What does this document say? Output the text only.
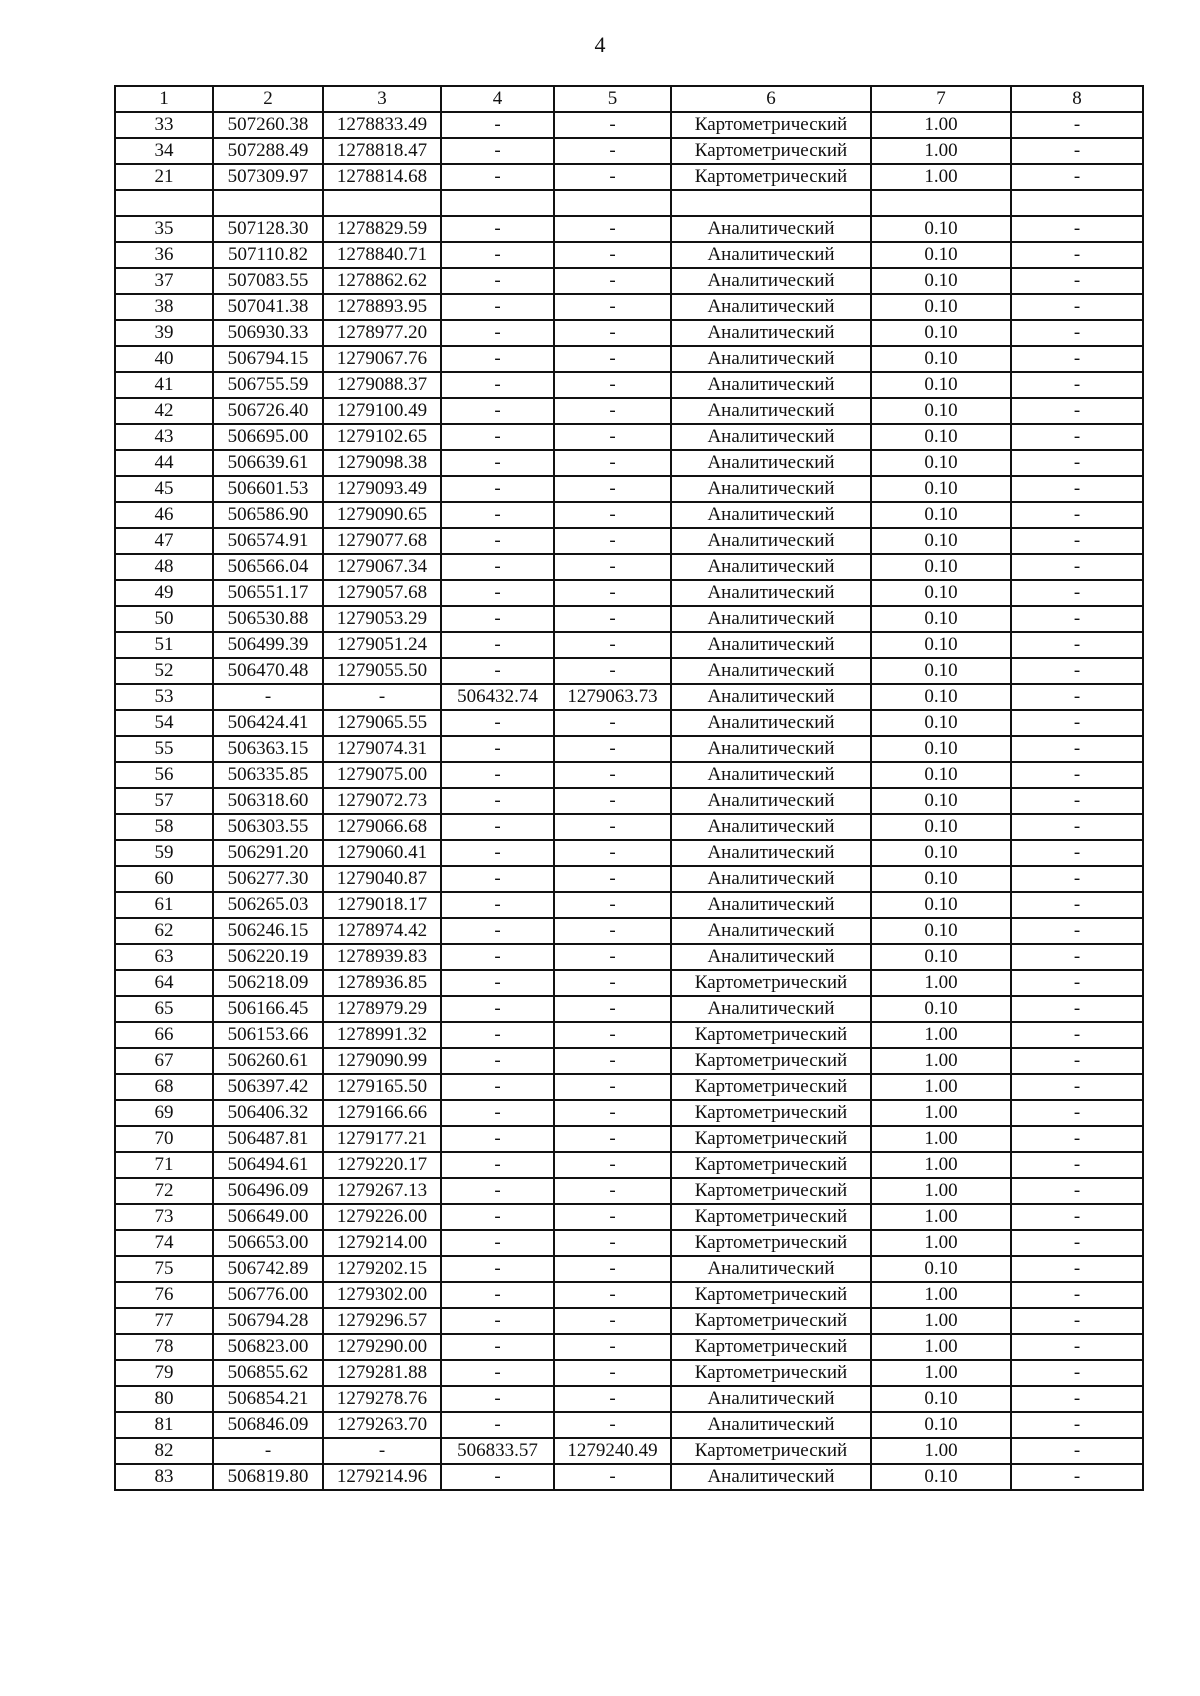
4
1	2	3	4	5	6	7	8
33	507260.38	1278833.49	-	-	Картометрический	1.00	-
34	507288.49	1278818.47	-	-	Картометрический	1.00	-
21	507309.97	1278814.68	-	-	Картометрический	1.00	-

35	507128.30	1278829.59	-	-	Аналитический	0.10	-
36	507110.82	1278840.71	-	-	Аналитический	0.10	-
37	507083.55	1278862.62	-	-	Аналитический	0.10	-
38	507041.38	1278893.95	-	-	Аналитический	0.10	-
39	506930.33	1278977.20	-	-	Аналитический	0.10	-
40	506794.15	1279067.76	-	-	Аналитический	0.10	-
41	506755.59	1279088.37	-	-	Аналитический	0.10	-
42	506726.40	1279100.49	-	-	Аналитический	0.10	-
43	506695.00	1279102.65	-	-	Аналитический	0.10	-
44	506639.61	1279098.38	-	-	Аналитический	0.10	-
45	506601.53	1279093.49	-	-	Аналитический	0.10	-
46	506586.90	1279090.65	-	-	Аналитический	0.10	-
47	506574.91	1279077.68	-	-	Аналитический	0.10	-
48	506566.04	1279067.34	-	-	Аналитический	0.10	-
49	506551.17	1279057.68	-	-	Аналитический	0.10	-
50	506530.88	1279053.29	-	-	Аналитический	0.10	-
51	506499.39	1279051.24	-	-	Аналитический	0.10	-
52	506470.48	1279055.50	-	-	Аналитический	0.10	-
53	-	-	506432.74	1279063.73	Аналитический	0.10	-
54	506424.41	1279065.55	-	-	Аналитический	0.10	-
55	506363.15	1279074.31	-	-	Аналитический	0.10	-
56	506335.85	1279075.00	-	-	Аналитический	0.10	-
57	506318.60	1279072.73	-	-	Аналитический	0.10	-
58	506303.55	1279066.68	-	-	Аналитический	0.10	-
59	506291.20	1279060.41	-	-	Аналитический	0.10	-
60	506277.30	1279040.87	-	-	Аналитический	0.10	-
61	506265.03	1279018.17	-	-	Аналитический	0.10	-
62	506246.15	1278974.42	-	-	Аналитический	0.10	-
63	506220.19	1278939.83	-	-	Аналитический	0.10	-
64	506218.09	1278936.85	-	-	Картометрический	1.00	-
65	506166.45	1278979.29	-	-	Аналитический	0.10	-
66	506153.66	1278991.32	-	-	Картометрический	1.00	-
67	506260.61	1279090.99	-	-	Картометрический	1.00	-
68	506397.42	1279165.50	-	-	Картометрический	1.00	-
69	506406.32	1279166.66	-	-	Картометрический	1.00	-
70	506487.81	1279177.21	-	-	Картометрический	1.00	-
71	506494.61	1279220.17	-	-	Картометрический	1.00	-
72	506496.09	1279267.13	-	-	Картометрический	1.00	-
73	506649.00	1279226.00	-	-	Картометрический	1.00	-
74	506653.00	1279214.00	-	-	Картометрический	1.00	-
75	506742.89	1279202.15	-	-	Аналитический	0.10	-
76	506776.00	1279302.00	-	-	Картометрический	1.00	-
77	506794.28	1279296.57	-	-	Картометрический	1.00	-
78	506823.00	1279290.00	-	-	Картометрический	1.00	-
79	506855.62	1279281.88	-	-	Картометрический	1.00	-
80	506854.21	1279278.76	-	-	Аналитический	0.10	-
81	506846.09	1279263.70	-	-	Аналитический	0.10	-
82	-	-	506833.57	1279240.49	Картометрический	1.00	-
83	506819.80	1279214.96	-	-	Аналитический	0.10	-
